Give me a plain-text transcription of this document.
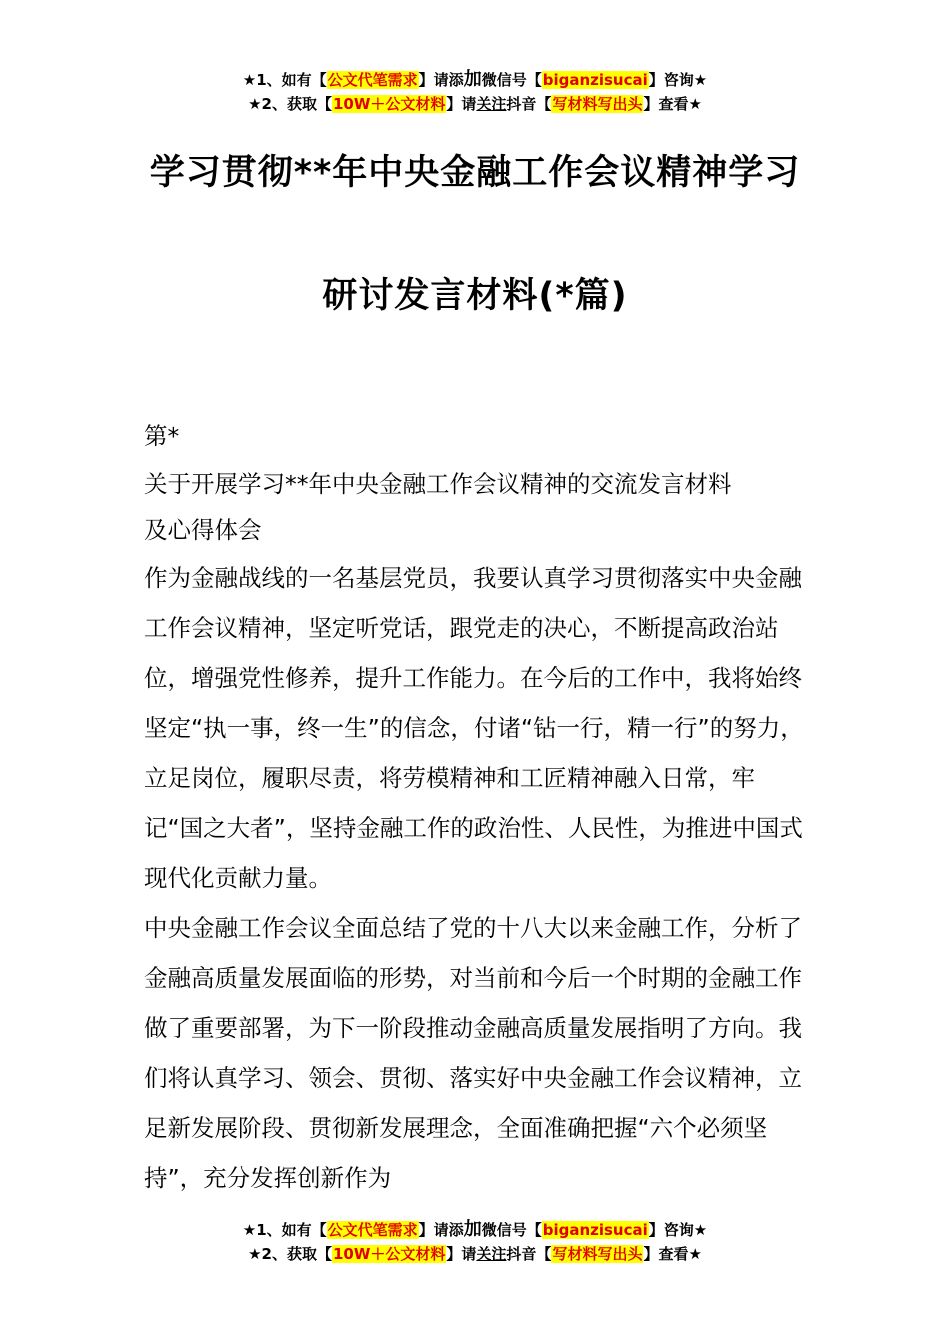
★1、如有【公文代笔需求】请添加微信号【biganzisucai】咨询★
★2、获取【10W＋公文材料】请关注抖音【写材料写出头】查看★
学习贯彻**年中央金融工作会议精神学习
研讨发言材料(*篇)

第*

关于开展学习**年中央金融工作会议精神的交流发言材料

及心得体会

作为金融战线的一名基层党员，我要认真学习贯彻落实中央金融工作会议精神，坚定听党话，跟党走的决心，不断提高政治站位，增强党性修养，提升工作能力。在今后的工作中，我将始终坚定“执一事，终一生”的信念，付诸“钻一行，精一行”的努力，立足岗位，履职尽责，将劳模精神和工匠精神融入日常，牢记“国之大者”，坚持金融工作的政治性、人民性，为推进中国式现代化贡献力量。

中央金融工作会议全面总结了党的十八大以来金融工作，分析了金融高质量发展面临的形势，对当前和今后一个时期的金融工作做了重要部署，为下一阶段推动金融高质量发展指明了方向。我们将认真学习、领会、贯彻、落实好中央金融工作会议精神，立足新发展阶段、贯彻新发展理念，全面准确把握“六个必须坚持”，充分发挥创新作为

★1、如有【公文代笔需求】请添加微信号【biganzisucai】咨询★
★2、获取【10W＋公文材料】请关注抖音【写材料写出头】查看★
